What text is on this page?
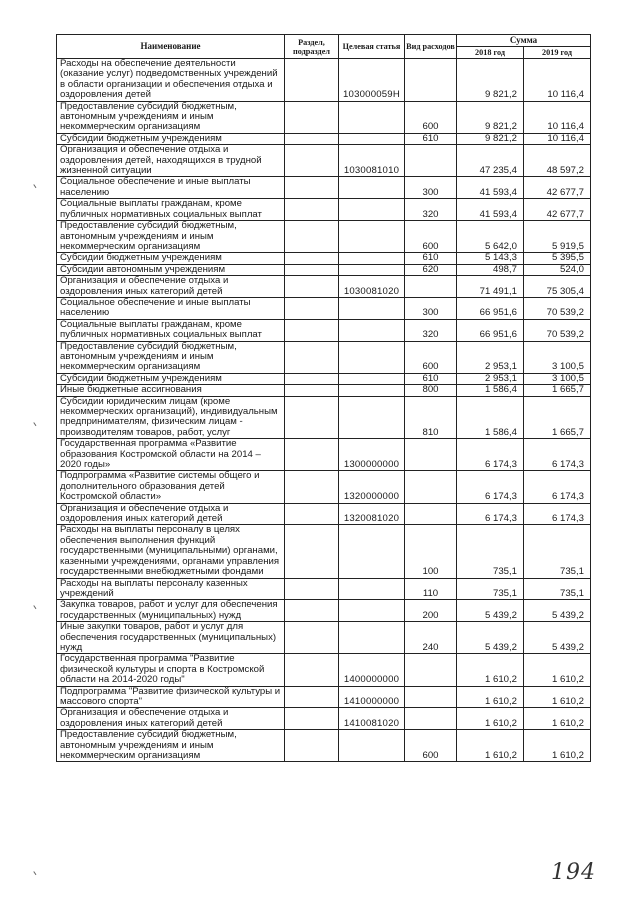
Наименование	Раздел, подраздел	Целевая статья	Вид расходов	Сумма	
				2018 год	2019 год
Расходы на обеспечение деятельности (оказание услуг) подведомственных учреждений в области организации и обеспечения отдыха и оздоровления детей		103000059Н		9 821,2	10 116,4
Предоставление субсидий бюджетным, автономным учреждениям и иным некоммерческим организациям			600	9 821,2	10 116,4
Субсидии бюджетным учреждениям			610	9 821,2	10 116,4
Организация и обеспечение отдыха и оздоровления детей, находящихся в трудной жизненной ситуации		1030081010		47 235,4	48 597,2
Социальное обеспечение и иные выплаты населению			300	41 593,4	42 677,7
Социальные выплаты гражданам, кроме публичных нормативных социальных выплат			320	41 593,4	42 677,7
Предоставление субсидий бюджетным, автономным учреждениям и иным некоммерческим организациям			600	5 642,0	5 919,5
Субсидии бюджетным учреждениям			610	5 143,3	5 395,5
Субсидии автономным учреждениям			620	498,7	524,0
Организация и обеспечение отдыха и оздоровления иных категорий детей		1030081020		71 491,1	75 305,4
Социальное обеспечение и иные выплаты населению			300	66 951,6	70 539,2
Социальные выплаты гражданам, кроме публичных нормативных социальных выплат			320	66 951,6	70 539,2
Предоставление субсидий бюджетным, автономным учреждениям и иным некоммерческим организациям			600	2 953,1	3 100,5
Субсидии бюджетным учреждениям			610	2 953,1	3 100,5
Иные бюджетные ассигнования			800	1 586,4	1 665,7
Субсидии юридическим лицам (кроме некоммерческих организаций), индивидуальным предпринимателям, физическим лицам - производителям товаров, работ, услуг			810	1 586,4	1 665,7
Государственная программа «Развитие образования Костромской области на 2014 – 2020 годы»		1300000000		6 174,3	6 174,3
Подпрограмма «Развитие системы общего и дополнительного образования детей Костромской области»		1320000000		6 174,3	6 174,3
Организация и обеспечение отдыха и оздоровления иных категорий детей		1320081020		6 174,3	6 174,3
Расходы на выплаты персоналу в целях обеспечения выполнения функций государственными (муниципальными) органами, казенными учреждениями, органами управления государственными внебюджетными фондами			100	735,1	735,1
Расходы на выплаты персоналу казенных учреждений			110	735,1	735,1
Закупка товаров, работ и услуг для обеспечения государственных (муниципальных) нужд			200	5 439,2	5 439,2
Иные закупки товаров, работ и услуг для обеспечения государственных (муниципальных) нужд			240	5 439,2	5 439,2
Государственная программа "Развитие физической культуры и спорта в Костромской области на 2014-2020 годы"		1400000000		1 610,2	1 610,2
Подпрограмма "Развитие физической культуры и массового спорта"		1410000000		1 610,2	1 610,2
Организация и обеспечение отдыха и оздоровления иных категорий детей		1410081020		1 610,2	1 610,2
Предоставление субсидий бюджетным, автономным учреждениям и иным некоммерческим организациям			600	1 610,2	1 610,2
194
